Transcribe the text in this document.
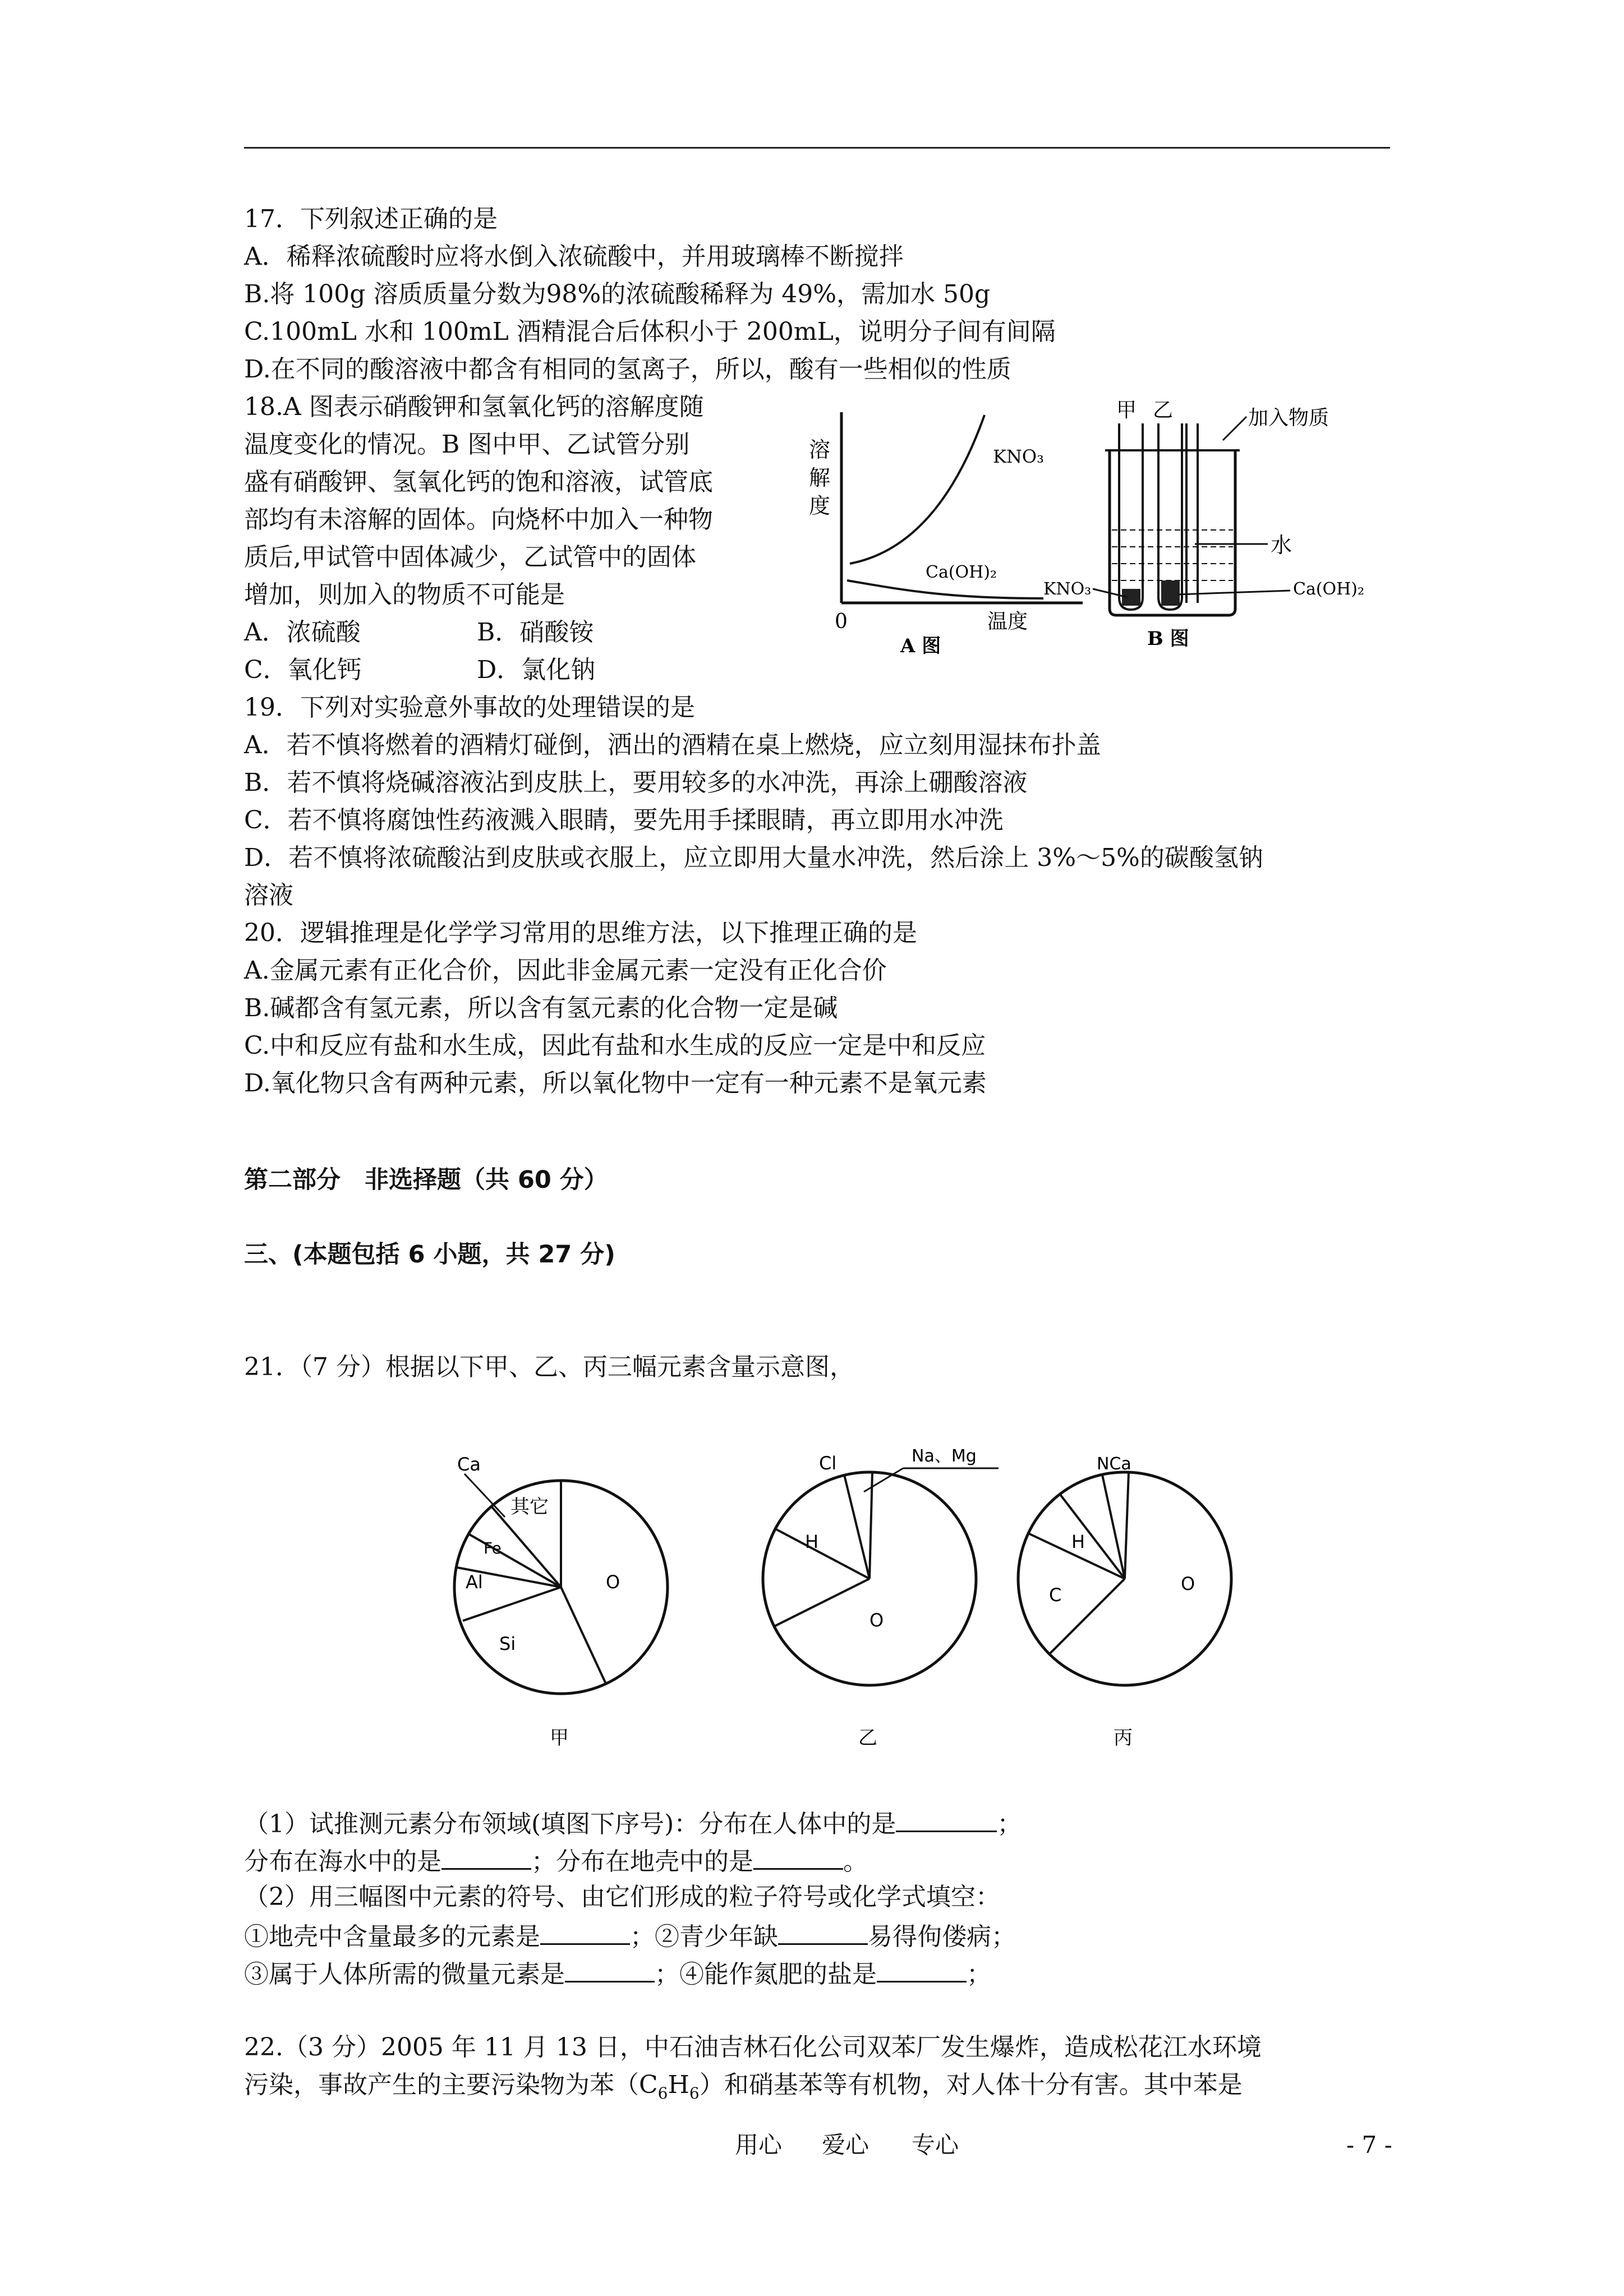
17．下列叙述正确的是
A．稀释浓硫酸时应将水倒入浓硫酸中，并用玻璃棒不断搅拌
B.将 100g 溶质质量分数为98%的浓硫酸稀释为 49%，需加水 50g
C.100mL 水和 100mL 酒精混合后体积小于 200mL，说明分子间有间隔
D.在不同的酸溶液中都含有相同的氢离子，所以，酸有一些相似的性质
18.A 图表示硝酸钾和氢氧化钙的溶解度随
温度变化的情况。B 图中甲、乙试管分别
盛有硝酸钾、氢氧化钙的饱和溶液，试管底
部均有未溶解的固体。向烧杯中加入一种物
质后,甲试管中固体减少，乙试管中的固体
增加，则加入的物质不可能是
A．浓硫酸	B．硝酸铵
C．氧化钙	D．氯化钠
溶
解
度
0	温度
KNO₃
Ca(OH)₂
A 图
甲 乙	加入物质
水
KNO₃	Ca(OH)₂
B 图
19．下列对实验意外事故的处理错误的是
A．若不慎将燃着的酒精灯碰倒，洒出的酒精在桌上燃烧，应立刻用湿抹布扑盖
B．若不慎将烧碱溶液沾到皮肤上，要用较多的水冲洗，再涂上硼酸溶液
C．若不慎将腐蚀性药液溅入眼睛，要先用手揉眼睛，再立即用水冲洗
D．若不慎将浓硫酸沾到皮肤或衣服上，应立即用大量水冲洗，然后涂上 3%～5%的碳酸氢钠
溶液
20．逻辑推理是化学学习常用的思维方法，以下推理正确的是
A.金属元素有正化合价，因此非金属元素一定没有正化合价
B.碱都含有氢元素，所以含有氢元素的化合物一定是碱
C.中和反应有盐和水生成，因此有盐和水生成的反应一定是中和反应
D.氧化物只含有两种元素，所以氧化物中一定有一种元素不是氧元素
第二部分　非选择题（共 60 分）
三、(本题包括 6 小题，共 27 分)
21．（7 分）根据以下甲、乙、丙三幅元素含量示意图，
Ca
其它
Fe
Al
Si
O
甲
Cl	Na、Mg
H
O
乙
NCa
H
C
O
丙
（1）试推测元素分布领域(填图下序号)：分布在人体中的是	；
分布在海水中的是	；分布在地壳中的是	。
（2）用三幅图中元素的符号、由它们形成的粒子符号或化学式填空：
①地壳中含量最多的元素是	；②青少年缺	易得佝偻病；
③属于人体所需的微量元素是	；④能作氮肥的盐是	；
22.（3 分）2005 年 11 月 13 日，中石油吉林石化公司双苯厂发生爆炸，造成松花江水环境
污染，事故产生的主要污染物为苯$(C_6H_6)$和硝基苯等有机物，对人体十分有害。其中苯是
用心 爱心 专心	- 7 -
